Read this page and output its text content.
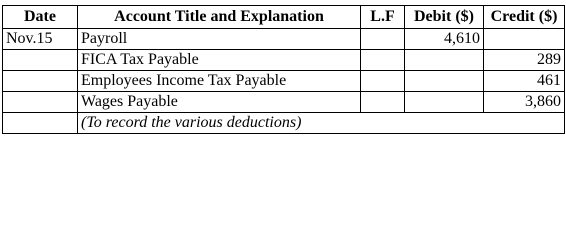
Date	Account Title and Explanation	L.F	Debit ($)	Credit ($)
Nov.15	Payroll		4,610	
	FICA Tax Payable			289
	Employees Income Tax Payable			461
	Wages Payable			3,860
	(To record the various deductions)			
